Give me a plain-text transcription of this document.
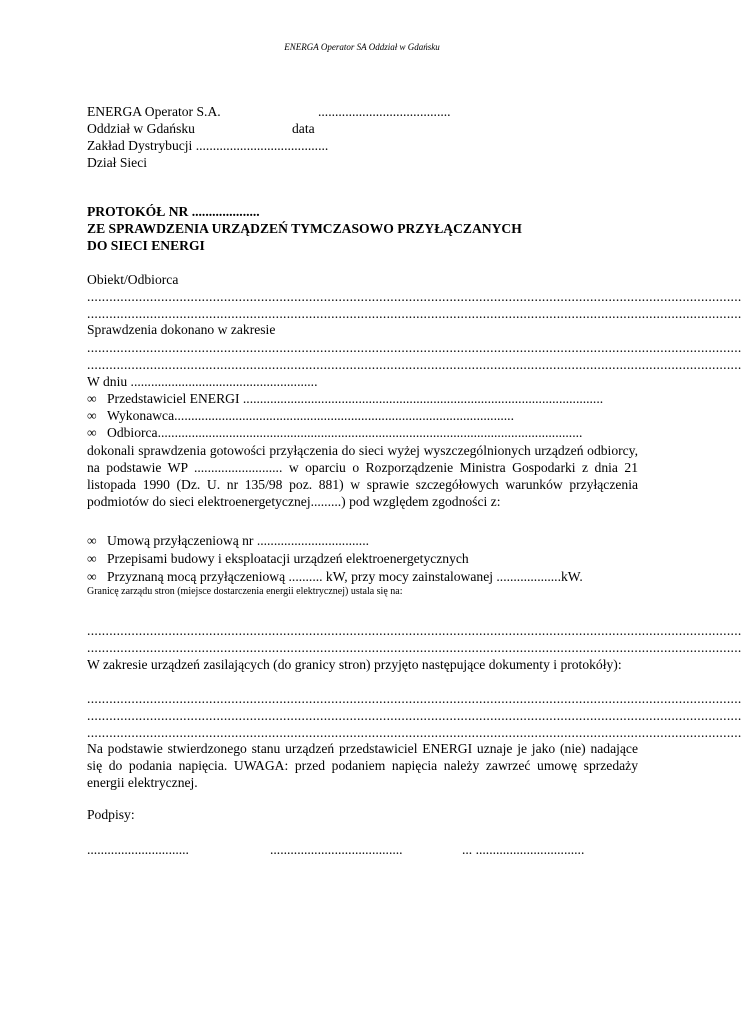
ENERGA Operator SA Oddział w Gdańsku
ENERGA Operator S.A.	.......................................
Oddział w Gdańsku	data
Zakład Dystrybucji .......................................
Dział Sieci
PROTOKÓŁ NR ....................
ZE SPRAWDZENIA URZĄDZEŃ TYMCZASOWO PRZYŁĄCZANYCH
DO SIECI ENERGI
Obiekt/Odbiorca
.................................................................................................................................................................................
.................................................................................................................................................................................
Sprawdzenia dokonano w zakresie
.................................................................................................................................................................................
.................................................................................................................................................................................
W dniu .......................................................
∞ Przedstawiciel ENERGI ..........................................................................................................
∞ Wykonawca....................................................................................................
∞ Odbiorca.............................................................................................................................
dokonali sprawdzenia gotowości przyłączenia do sieci wyżej wyszczególnionych urządzeń odbiorcy, na podstawie WP .......................... w oparciu o Rozporządzenie Ministra Gospodarki z dnia 21 listopada 1990 (Dz. U. nr 135/98 poz. 881) w sprawie szczegółowych warunków przyłączenia podmiotów do sieci elektroenergetycznej.........) pod względem zgodności z:
∞ Umową przyłączeniową nr .................................
∞ Przepisami budowy i eksploatacji urządzeń elektroenergetycznych
∞ Przyznaną mocą przyłączeniową .......... kW, przy mocy zainstalowanej ...................kW.
Granicę zarządu stron (miejsce dostarczenia energii elektrycznej) ustala się na:
.................................................................................................................................................................................
.................................................................................................................................................................................
W zakresie urządzeń zasilających (do granicy stron) przyjęto następujące dokumenty i protokóły):
.................................................................................................................................................................................
.................................................................................................................................................................................
.................................................................................................................................................................................
Na podstawie stwierdzonego stanu urządzeń przedstawiciel ENERGI uznaje je jako (nie) nadające się do podania napięcia. UWAGA: przed podaniem napięcia należy zawrzeć umowę sprzedaży energii elektrycznej.
Podpisy:
..............................	.......................................	... ................................
